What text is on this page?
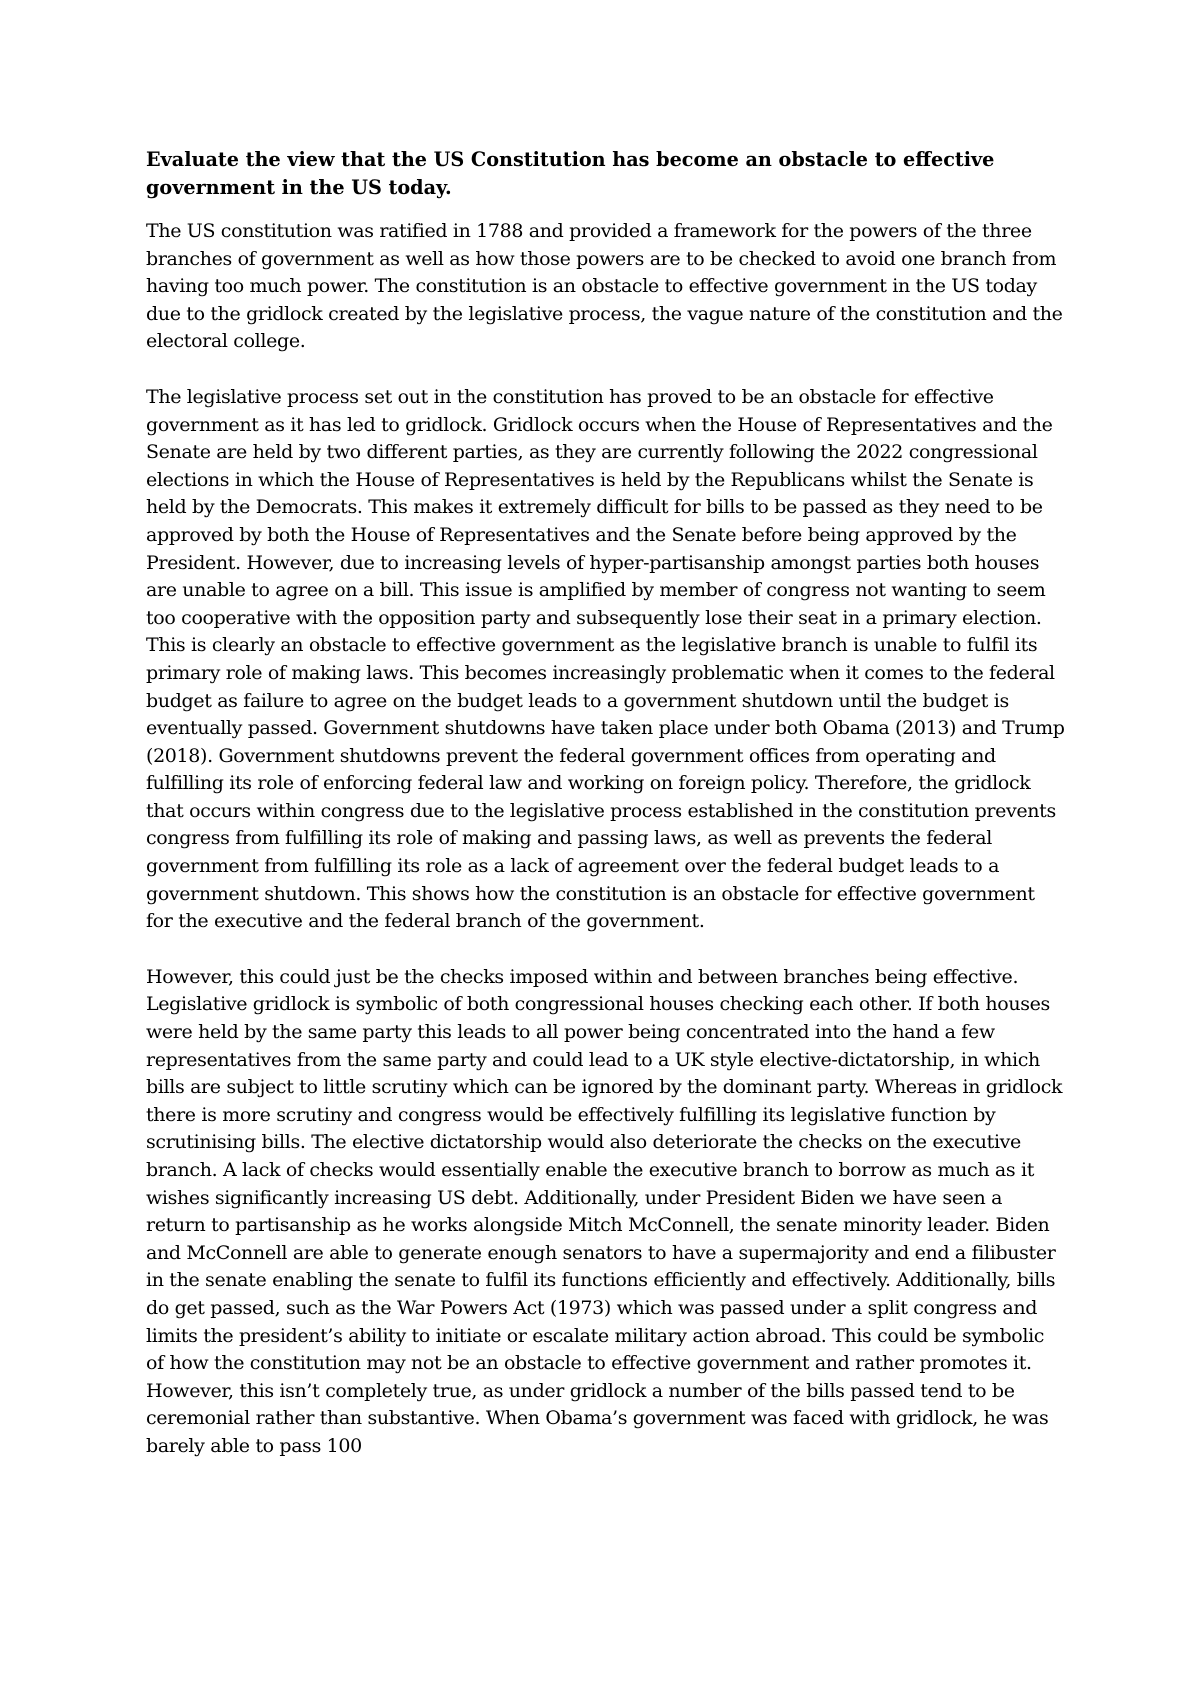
Evaluate the view that the US Constitution has become an obstacle to effective government in the US today.

The US constitution was ratified in 1788 and provided a framework for the powers of the three branches of government as well as how those powers are to be checked to avoid one branch from having too much power. The constitution is an obstacle to effective government in the US today due to the gridlock created by the legislative process, the vague nature of the constitution and the electoral college.

The legislative process set out in the constitution has proved to be an obstacle for effective government as it has led to gridlock. Gridlock occurs when the House of Representatives and the Senate are held by two different parties, as they are currently following the 2022 congressional elections in which the House of Representatives is held by the Republicans whilst the Senate is held by the Democrats. This makes it extremely difficult for bills to be passed as they need to be approved by both the House of Representatives and the Senate before being approved by the President. However, due to increasing levels of hyper-partisanship amongst parties both houses are unable to agree on a bill. This issue is amplified by member of congress not wanting to seem too cooperative with the opposition party and subsequently lose their seat in a primary election. This is clearly an obstacle to effective government as the legislative branch is unable to fulfil its primary role of making laws. This becomes increasingly problematic when it comes to the federal budget as failure to agree on the budget leads to a government shutdown until the budget is eventually passed. Government shutdowns have taken place under both Obama (2013) and Trump (2018). Government shutdowns prevent the federal government offices from operating and fulfilling its role of enforcing federal law and working on foreign policy. Therefore, the gridlock that occurs within congress due to the legislative process established in the constitution prevents congress from fulfilling its role of making and passing laws, as well as prevents the federal government from fulfilling its role as a lack of agreement over the federal budget leads to a government shutdown. This shows how the constitution is an obstacle for effective government for the executive and the federal branch of the government.

However, this could just be the checks imposed within and between branches being effective. Legislative gridlock is symbolic of both congressional houses checking each other. If both houses were held by the same party this leads to all power being concentrated into the hand a few representatives from the same party and could lead to a UK style elective-dictatorship, in which bills are subject to little scrutiny which can be ignored by the dominant party. Whereas in gridlock there is more scrutiny and congress would be effectively fulfilling its legislative function by scrutinising bills. The elective dictatorship would also deteriorate the checks on the executive branch. A lack of checks would essentially enable the executive branch to borrow as much as it wishes significantly increasing US debt. Additionally, under President Biden we have seen a return to partisanship as he works alongside Mitch McConnell, the senate minority leader. Biden and McConnell are able to generate enough senators to have a supermajority and end a filibuster in the senate enabling the senate to fulfil its functions efficiently and effectively. Additionally, bills do get passed, such as the War Powers Act (1973) which was passed under a split congress and limits the president’s ability to initiate or escalate military action abroad. This could be symbolic of how the constitution may not be an obstacle to effective government and rather promotes it. However, this isn’t completely true, as under gridlock a number of the bills passed tend to be ceremonial rather than substantive. When Obama’s government was faced with gridlock, he was barely able to pass 100
